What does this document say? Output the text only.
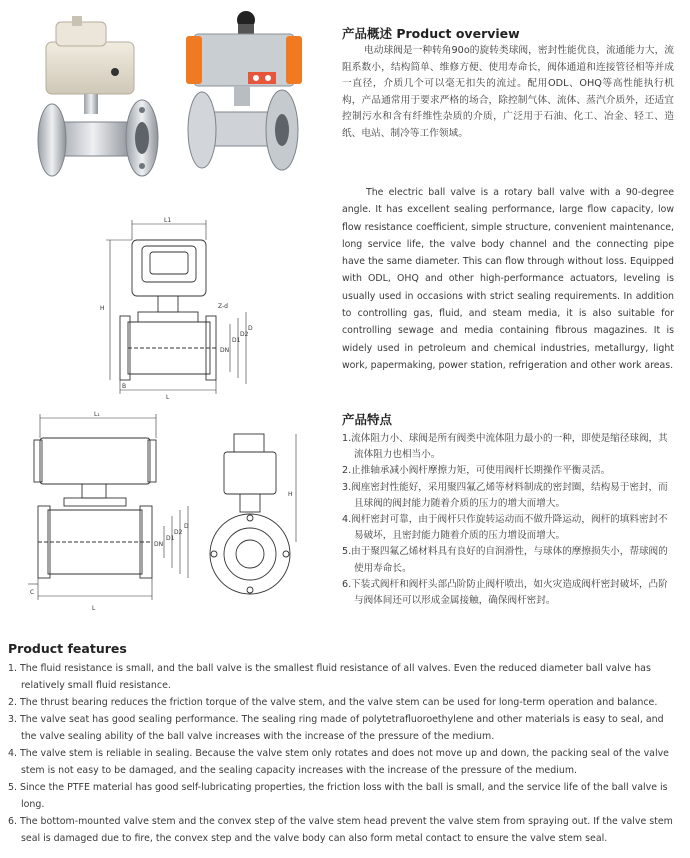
L1
H
L
B
Z-d
DN
D1
D2
D
L₁
H
L
C
DN
D1
D2
D
产品概述 Product overview
电动球阀是一种转角90o的旋转类球阀，密封性能优良，流通能力大，流阻系数小，结构简单、维修方便、使用寿命长，阀体通道和连接管径相等并成一直径，介质几个可以毫无扣失的流过。配用ODL、OHQ等高性能执行机构，产品通常用于要求严格的场合，除控制气体、流体、蒸汽介质外，还适宜控制污水和含有纤维性杂质的介质，广泛用于石油、化工、冶金、轻工、造纸、电站、制冷等工作领域。
The electric ball valve is a rotary ball valve with a 90-degree angle. It has excellent sealing performance, large flow capacity, low flow resistance coefficient, simple structure, convenient maintenance, long service life, the valve body channel and the connecting pipe have the same diameter. This can flow through without loss. Equipped with ODL, OHQ and other high-performance actuators, leveling is usually used in occasions with strict sealing requirements. In addition to controlling gas, fluid, and steam media, it is also suitable for controlling sewage and media containing fibrous magazines. It is widely used in petroleum and chemical industries, metallurgy, light work, papermaking, power station, refrigeration and other work areas.
产品特点
1.流体阻力小、球阀是所有阀类中流体阻力最小的一种，即使是缩径球阀，其流体阻力也相当小。
2.止推轴承减小阀杆摩擦力矩，可使用阀杆长期操作平衡灵活。
3.阀座密封性能好，采用聚四氟乙烯等材料制成的密封圈，结构易于密封，而且球阀的阀封能力随着介质的压力的增大而增大。
4.阀杆密封可靠，由于阀杆只作旋转运动而不做升降运动，阀杆的填料密封不易破坏，且密封能力随着介质的压力增设而增大。
5.由于聚四氟乙烯材料具有良好的自润滑性，与球体的摩擦损失小，帮球阀的使用寿命长。
6.下装式阀杆和阀杆头部凸阶防止阀杆喷出，如火灾造成阀杆密封破坏，凸阶与阀体间还可以形成金属接触，确保阀杆密封。
Product features
1. The fluid resistance is small, and the ball valve is the smallest fluid resistance of all valves. Even the reduced diameter ball valve has relatively small fluid resistance.
2. The thrust bearing reduces the friction torque of the valve stem, and the valve stem can be used for long-term operation and balance.
3. The valve seat has good sealing performance. The sealing ring made of polytetrafluoroethylene and other materials is easy to seal, and the valve sealing ability of the ball valve increases with the increase of the pressure of the medium.
4. The valve stem is reliable in sealing. Because the valve stem only rotates and does not move up and down, the packing seal of the valve stem is not easy to be damaged, and the sealing capacity increases with the increase of the pressure of the medium.
5. Since the PTFE material has good self-lubricating properties, the friction loss with the ball is small, and the service life of the ball valve is long.
6. The bottom-mounted valve stem and the convex step of the valve stem head prevent the valve stem from spraying out. If the valve stem seal is damaged due to fire, the convex step and the valve body can also form metal contact to ensure the valve stem seal.
